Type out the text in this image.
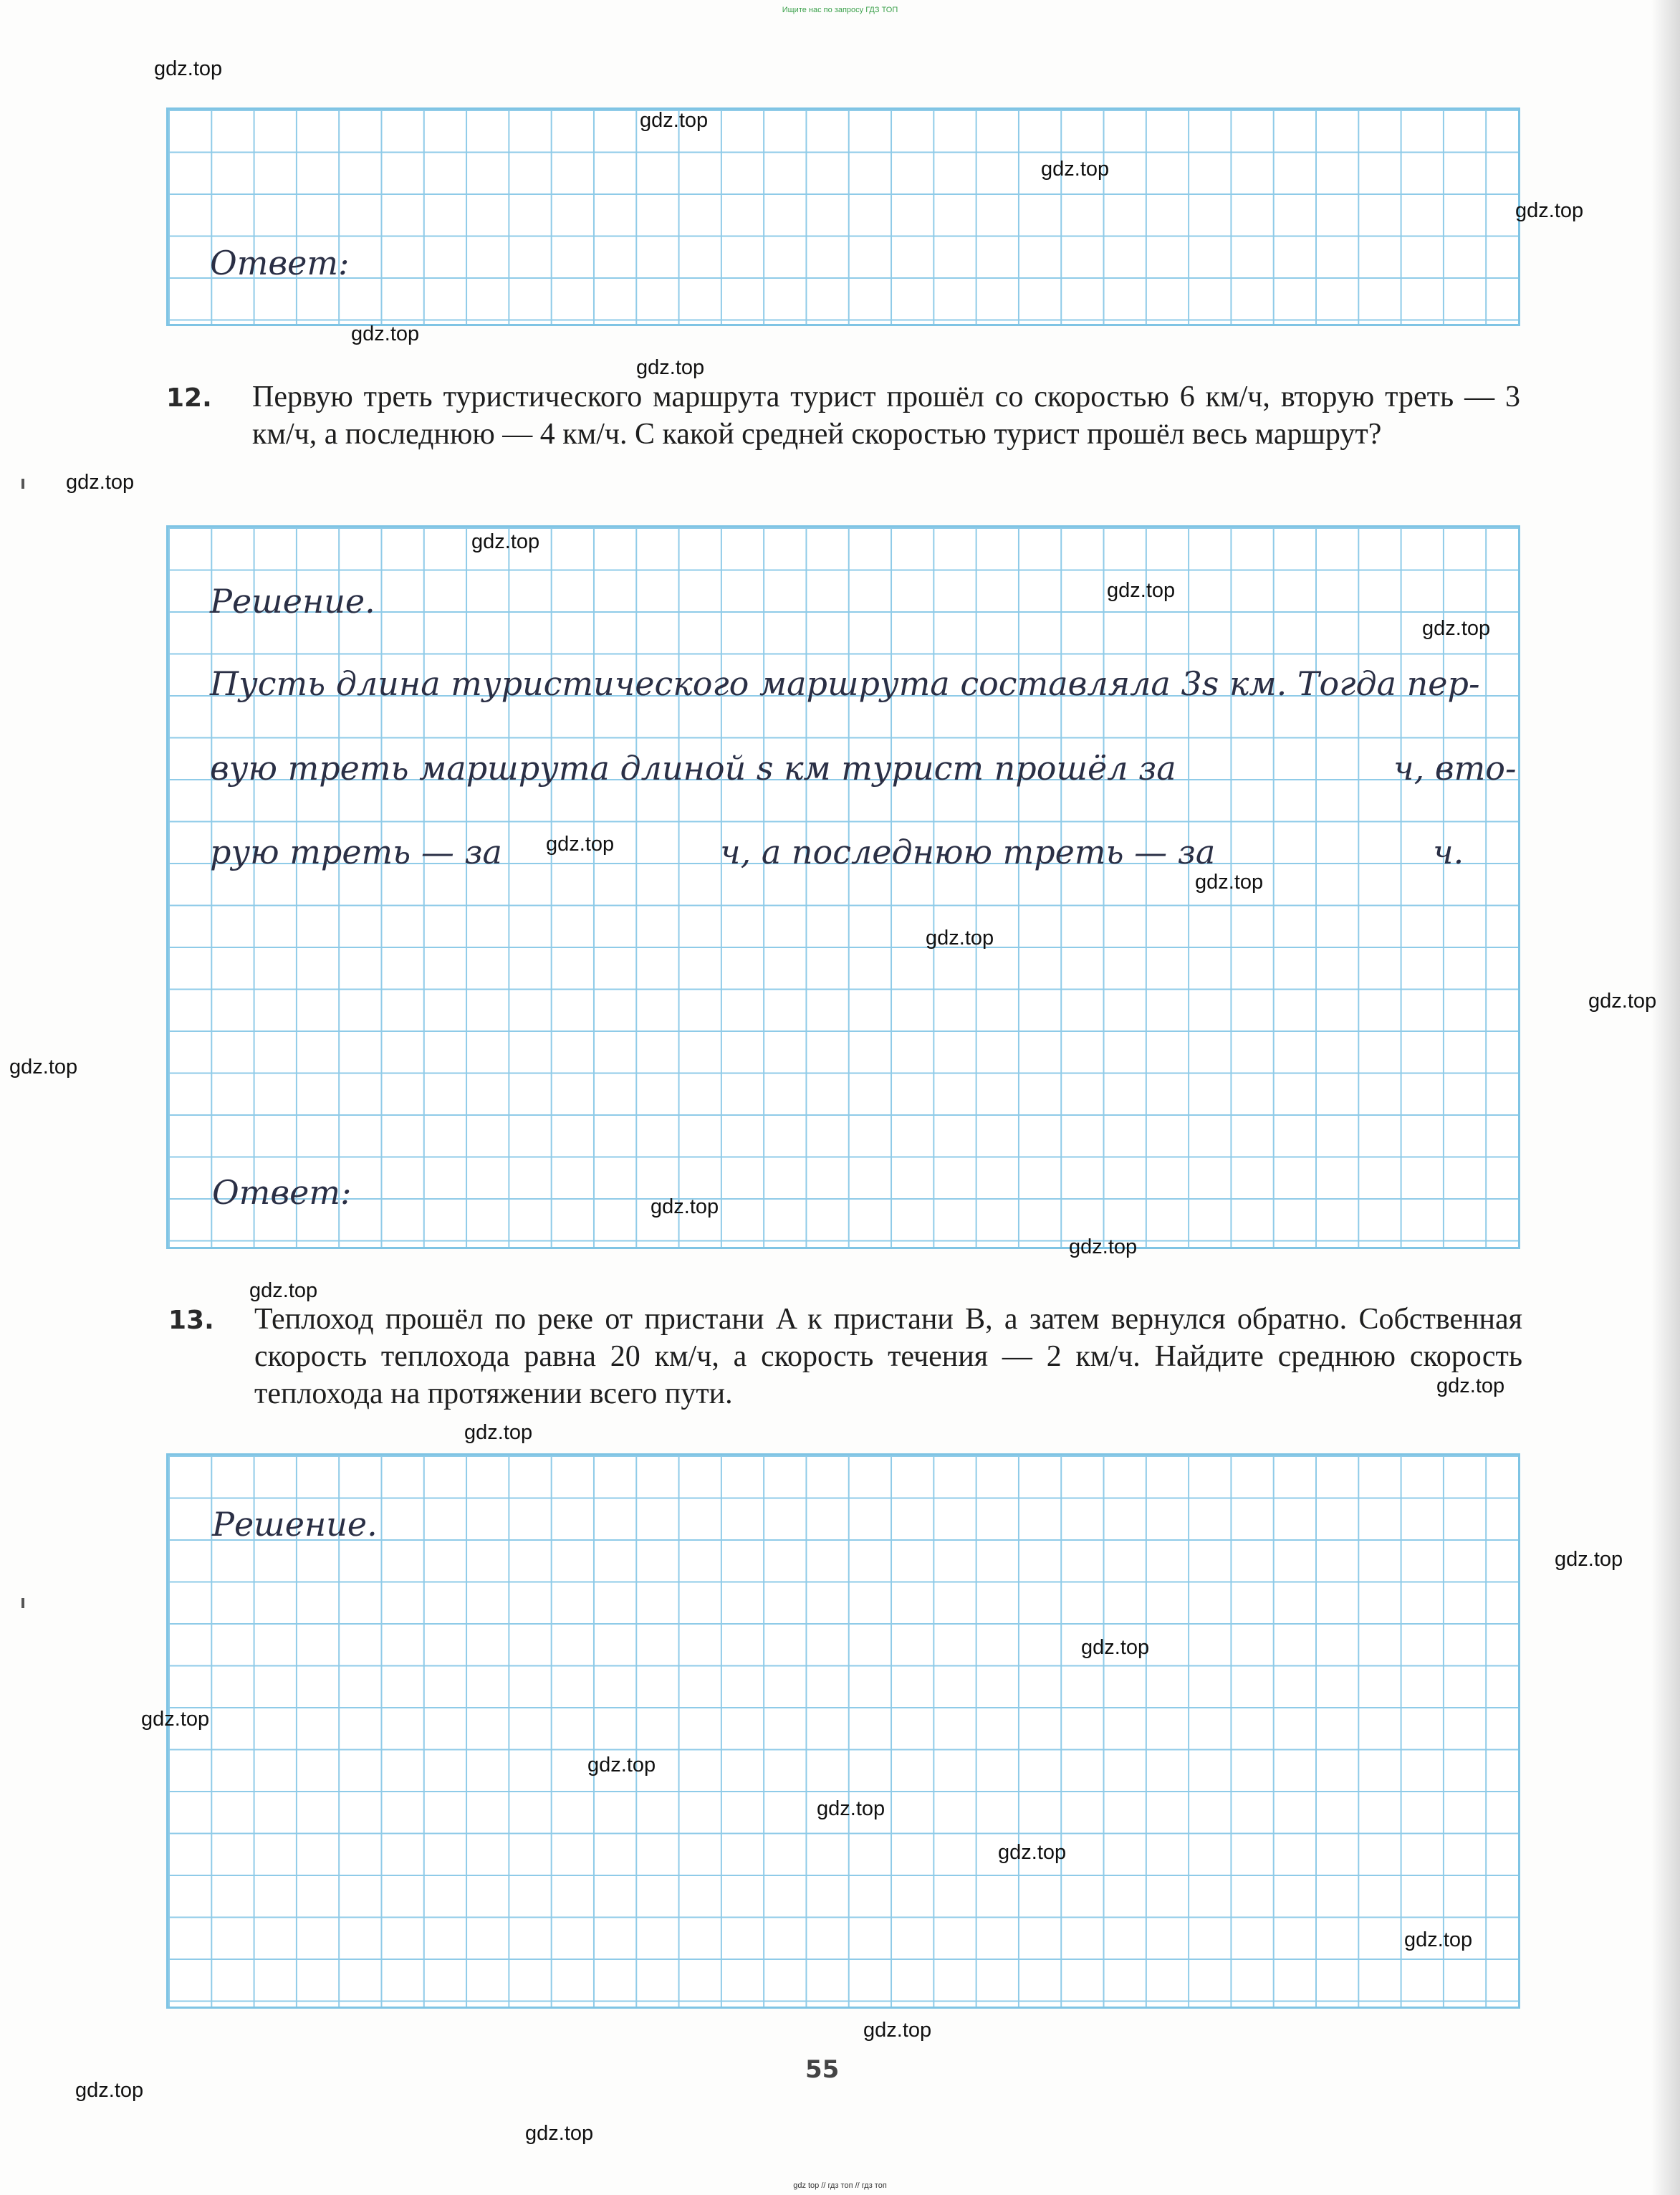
Ищите нас по запросу ГДЗ ТОП
Ответ:
12. Первую треть туристического маршрута турист прошёл со скоростью 6 км/ч, вторую треть — 3 км/ч, а последнюю — 4 км/ч. С какой средней скоростью турист прошёл весь маршрут?
Решение.
Пусть длина туристического маршрута составляла 3s км. Тогда пер-
вую треть маршрута длиной s км турист прошёл за	ч, вто-
рую треть — за	ч, а последнюю треть — за	ч.
Ответ:
13. Теплоход прошёл по реке от пристани A к пристани B, а затем вернулся обратно. Собственная скорость теплохода равна 20 км/ч, а скорость течения — 2 км/ч. Найдите среднюю скорость теплохода на протяжении всего пути.
Решение.
55
gdz.top
gdz.top
gdz.top
gdz.top
gdz.top
gdz.top
gdz.top
gdz.top
gdz.top
gdz.top
gdz.top
gdz.top
gdz.top
gdz.top
gdz.top
gdz.top
gdz.top
gdz.top
gdz.top
gdz.top
gdz.top
gdz.top
gdz.top
gdz.top
gdz.top
gdz.top
gdz.top
gdz.top
gdz.top
gdz.top
gdz top // гдз топ // гдз топ
